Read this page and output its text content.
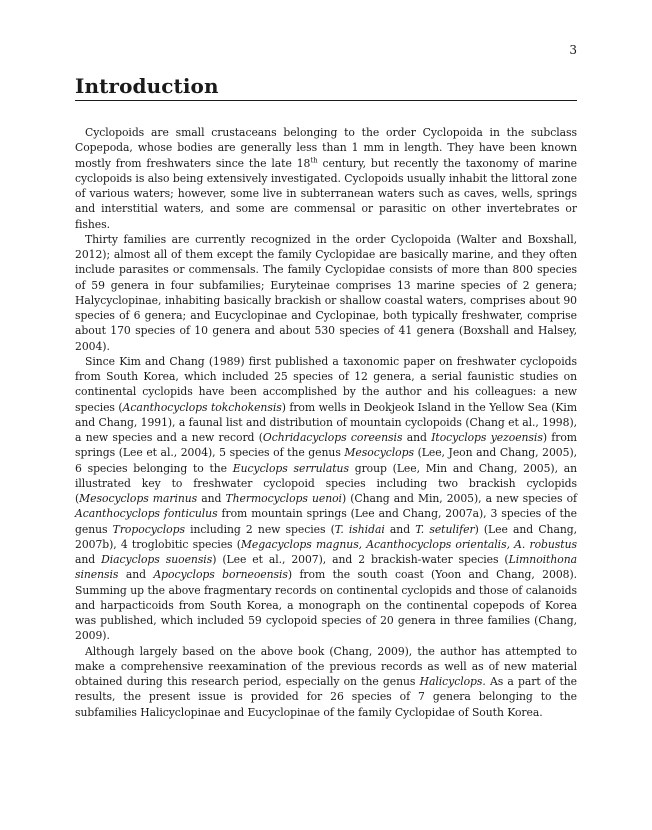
3
Introduction

Cyclopoids are small crustaceans belonging to the order Cyclopoida in the subclass Copepoda, whose bodies are generally less than 1 mm in length. They have been known mostly from freshwaters since the late 18th century, but recently the taxonomy of marine cyclopoids is also being extensively investigated. Cyclopoids usually inhabit the littoral zone of various waters; however, some live in subterranean waters such as caves, wells, springs and interstitial waters, and some are commensal or parasitic on other invertebrates or fishes.

Thirty families are currently recognized in the order Cyclopoida (Walter and Boxshall, 2012); almost all of them except the family Cyclopidae are basically marine, and they often include parasites or commensals. The family Cyclopidae consists of more than 800 species of 59 genera in four subfamilies; Euryteinae comprises 13 marine species of 2 genera; Halycyclopinae, inhabiting basically brackish or shallow coastal waters, comprises about 90 species of 6 genera; and Eucyclopinae and Cyclopinae, both typically freshwater, comprise about 170 species of 10 genera and about 530 species of 41 genera (Boxshall and Halsey, 2004).

Since Kim and Chang (1989) first published a taxonomic paper on freshwater cyclopoids from South Korea, which included 25 species of 12 genera, a serial faunistic studies on continental cyclopids have been accomplished by the author and his colleagues: a new species (Acanthocyclops tokchokensis) from wells in Deokjeok Island in the Yellow Sea (Kim and Chang, 1991), a faunal list and distribution of mountain cyclopoids (Chang et al., 1998), a new species and a new record (Ochridacyclops coreensis and Itocyclops yezoensis) from springs (Lee et al., 2004), 5 species of the genus Mesocyclops (Lee, Jeon and Chang, 2005), 6 species belonging to the Eucyclops serrulatus group (Lee, Min and Chang, 2005), an illustrated key to freshwater cyclopoid species including two brackish cyclopids (Mesocyclops marinus and Thermocyclops uenoi) (Chang and Min, 2005), a new species of Acanthocyclops fonticulus from mountain springs (Lee and Chang, 2007a), 3 species of the genus Tropocyclops including 2 new species (T. ishidai and T. setulifer) (Lee and Chang, 2007b), 4 troglobitic species (Megacyclops magnus, Acanthocyclops orientalis, A. robustus and Diacyclops suoensis) (Lee et al., 2007), and 2 brackish-water species (Limnoithona sinensis and Apocyclops borneoensis) from the south coast (Yoon and Chang, 2008). Summing up the above fragmentary records on continental cyclopids and those of calanoids and harpacticoids from South Korea, a monograph on the continental copepods of Korea was published, which included 59 cyclopoid species of 20 genera in three families (Chang, 2009).

Although largely based on the above book (Chang, 2009), the author has attempted to make a comprehensive reexamination of the previous records as well as of new material obtained during this research period, especially on the genus Halicyclops. As a part of the results, the present issue is provided for 26 species of 7 genera belonging to the subfamilies Halicyclopinae and Eucyclopinae of the family Cyclopidae of South Korea.
